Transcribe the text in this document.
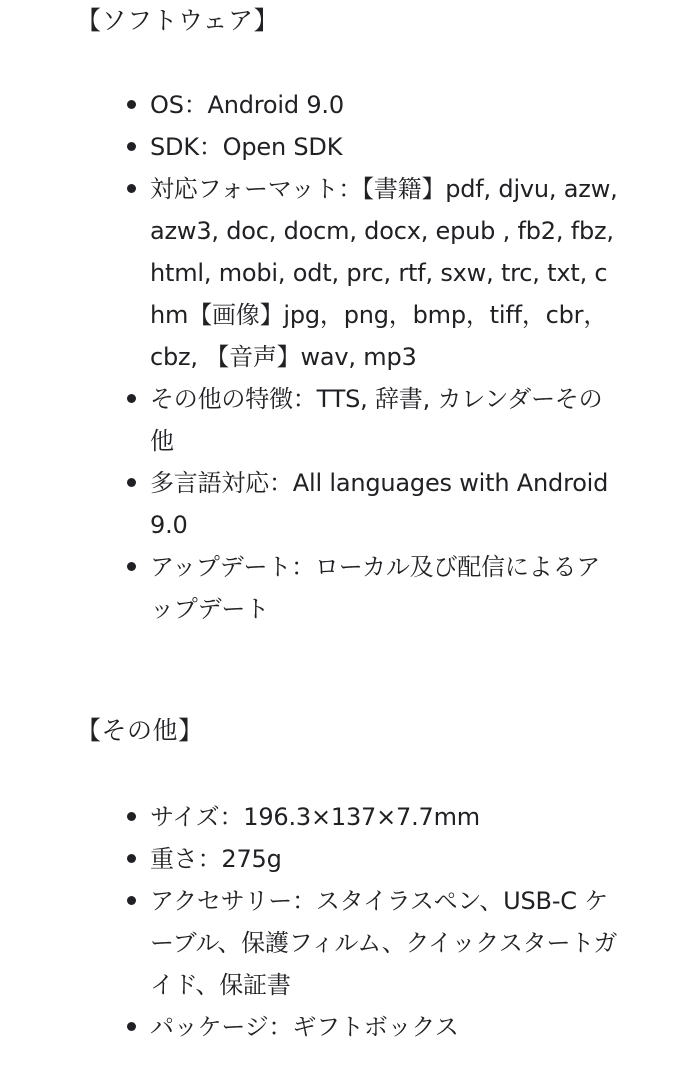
【ソフトウェア】
OS：Android 9.0
SDK：Open SDK
対応フォーマット：【書籍】pdf, djvu, azw, azw3, doc, docm, docx, epub , fb2, fbz, html, mobi, odt, prc, rtf, sxw, trc, txt, chm【画像】jpg，png，bmp，tiff，cbr，cbz, 【音声】wav, mp3
その他の特徴：TTS, 辞書, カレンダーその他
多言語対応：All languages with Android 9.0
アップデート：ローカル及び配信によるアップデート
【その他】
サイズ：196.3×137×7.7mm
重さ：275g
アクセサリー：スタイラスペン、USB-C ケーブル、保護フィルム、クイックスタートガイド、保証書
パッケージ：ギフトボックス
